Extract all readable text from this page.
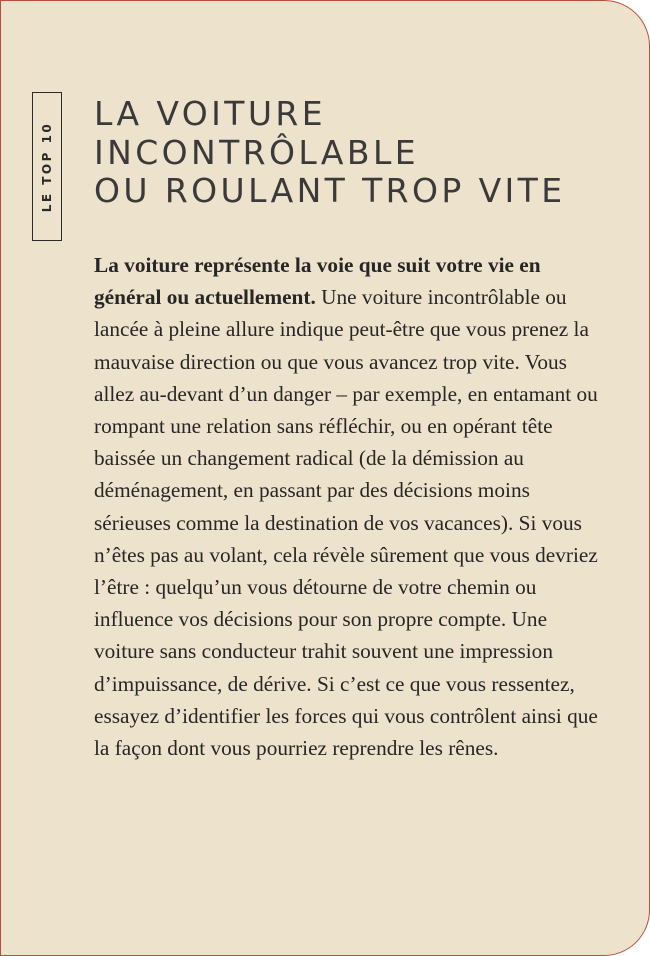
LE TOP 10
LA VOITURE
INCONTRÔLABLE
OU ROULANT TROP VITE

La voiture représente la voie que suit votre vie en général ou actuellement. Une voiture incontrôlable ou lancée à pleine allure indique peut-être que vous prenez la mauvaise direction ou que vous avancez trop vite. Vous allez au-devant d’un danger – par exemple, en entamant ou rompant une relation sans réfléchir, ou en opérant tête baissée un changement radical (de la démission au déménagement, en passant par des décisions moins sérieuses comme la destination de vos vacances). Si vous n’êtes pas au volant, cela révèle sûrement que vous devriez l’être : quelqu’un vous détourne de votre chemin ou influence vos décisions pour son propre compte. Une voiture sans conducteur trahit souvent une impression d’impuissance, de dérive. Si c’est ce que vous ressentez, essayez d’identifier les forces qui vous contrôlent ainsi que la façon dont vous pourriez reprendre les rênes.
